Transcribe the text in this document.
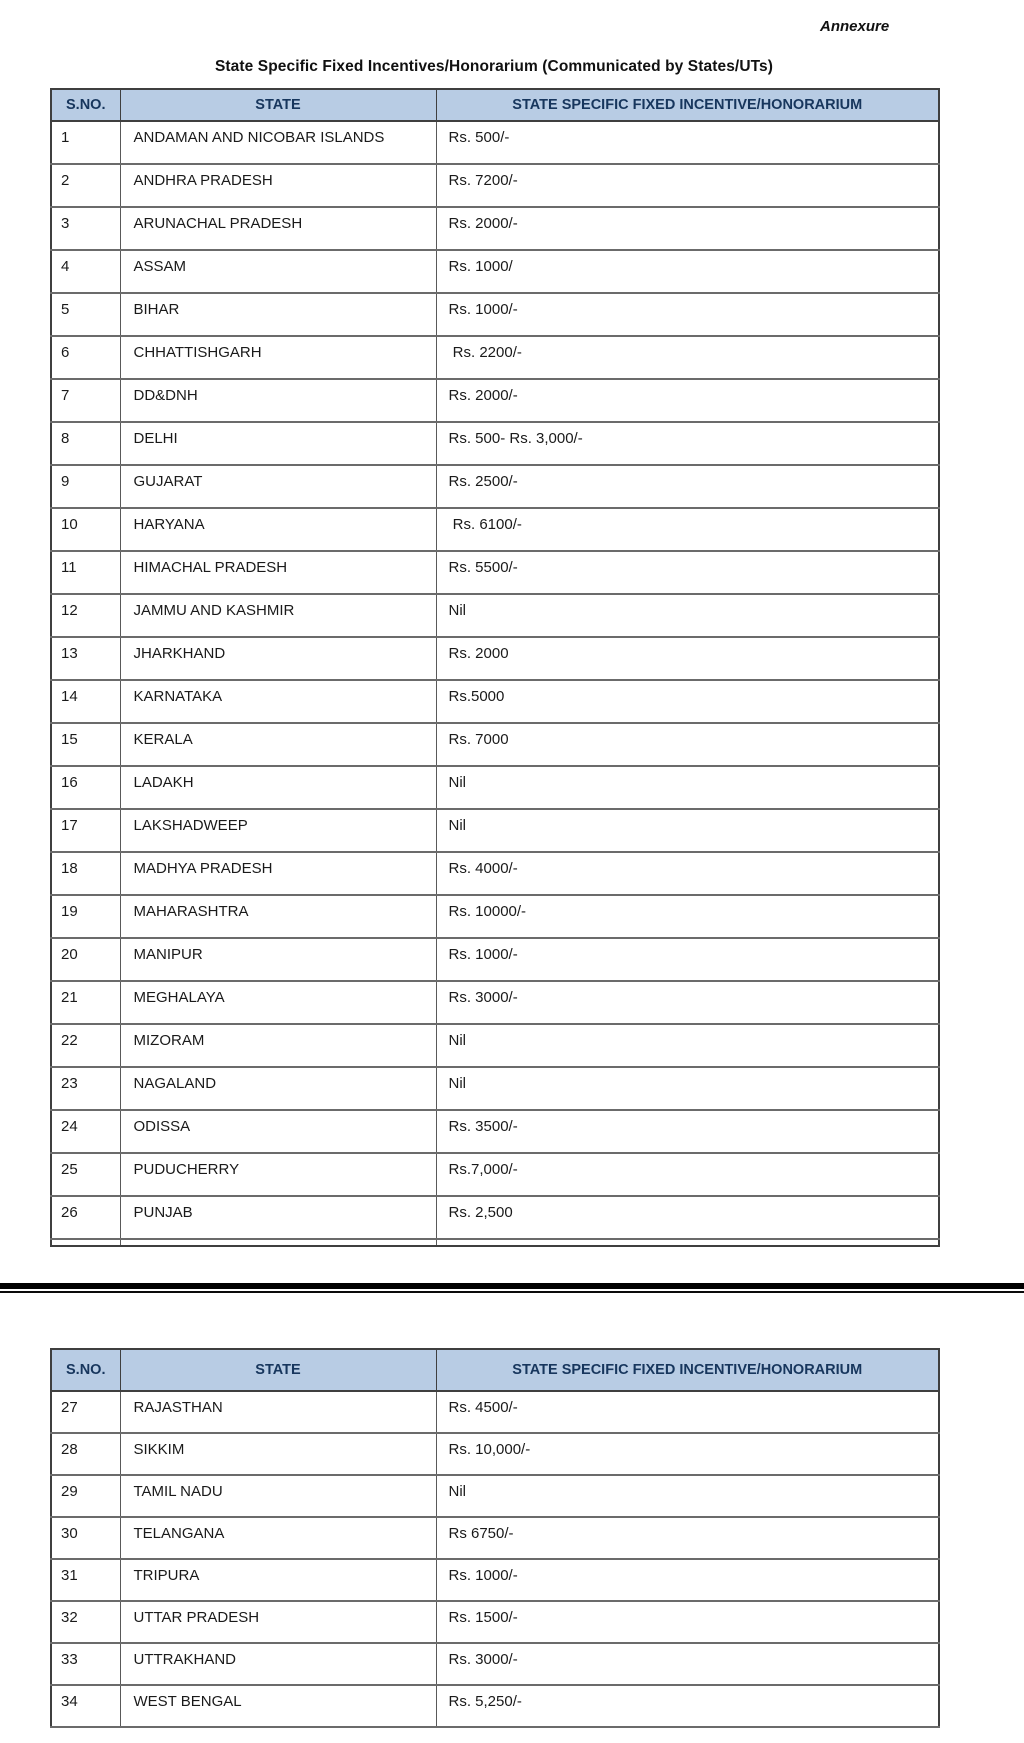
Annexure
State Specific Fixed Incentives/Honorarium (Communicated by States/UTs)
S.NO.	STATE	STATE SPECIFIC FIXED INCENTIVE/HONORARIUM
1	ANDAMAN AND NICOBAR ISLANDS	Rs. 500/-
2	ANDHRA PRADESH	Rs. 7200/-
3	ARUNACHAL PRADESH	Rs. 2000/-
4	ASSAM	Rs. 1000/
5	BIHAR	Rs. 1000/-
6	CHHATTISHGARH	Rs. 2200/-
7	DD&DNH	Rs. 2000/-
8	DELHI	Rs. 500- Rs. 3,000/-
9	GUJARAT	Rs. 2500/-
10	HARYANA	Rs. 6100/-
11	HIMACHAL PRADESH	Rs. 5500/-
12	JAMMU AND KASHMIR	Nil
13	JHARKHAND	Rs. 2000
14	KARNATAKA	Rs.5000
15	KERALA	Rs. 7000
16	LADAKH	Nil
17	LAKSHADWEEP	Nil
18	MADHYA PRADESH	Rs. 4000/-
19	MAHARASHTRA	Rs. 10000/-
20	MANIPUR	Rs. 1000/-
21	MEGHALAYA	Rs. 3000/-
22	MIZORAM	Nil
23	NAGALAND	Nil
24	ODISSA	Rs. 3500/-
25	PUDUCHERRY	Rs.7,000/-
26	PUNJAB	Rs. 2,500

S.NO.	STATE	STATE SPECIFIC FIXED INCENTIVE/HONORARIUM
27	RAJASTHAN	Rs. 4500/-
28	SIKKIM	Rs. 10,000/-
29	TAMIL NADU	Nil
30	TELANGANA	Rs 6750/-
31	TRIPURA	Rs. 1000/-
32	UTTAR PRADESH	Rs. 1500/-
33	UTTRAKHAND	Rs. 3000/-
34	WEST BENGAL	Rs. 5,250/-
